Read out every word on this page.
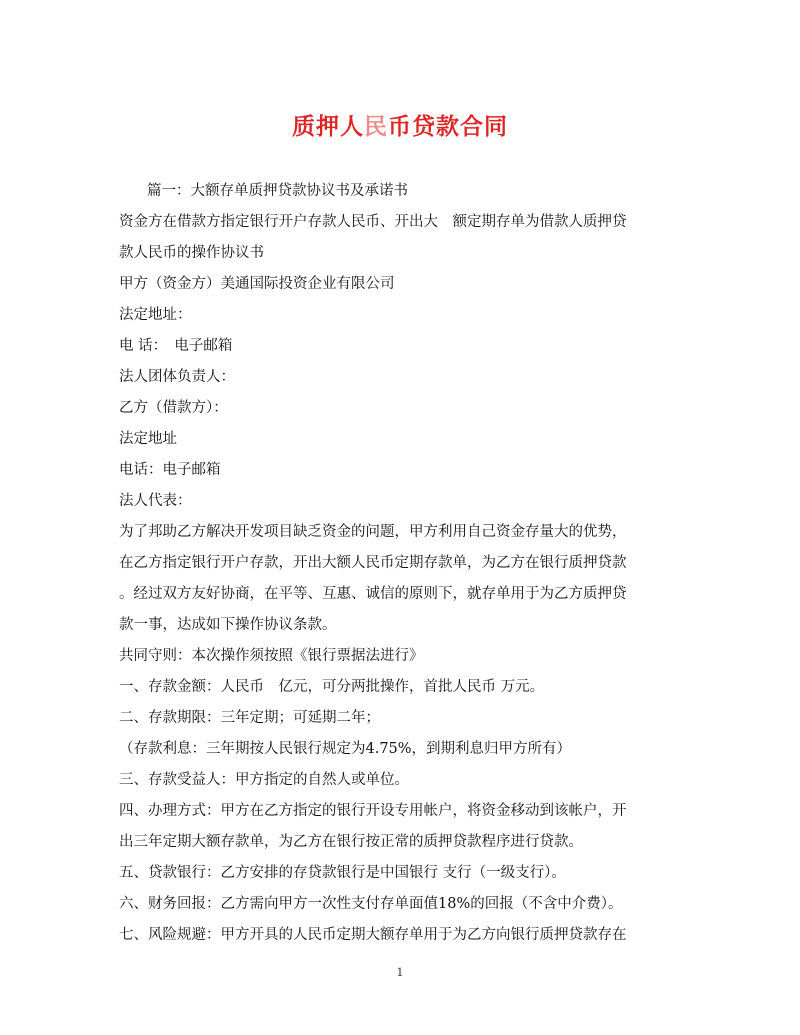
质押人民币贷款合同
篇一：大额存单质押贷款协议书及承诺书
资金方在借款方指定银行开户存款人民币、开出大　额定期存单为借款人质押贷
款人民币的操作协议书
甲方（资金方）美通国际投资企业有限公司
法定地址：
电 话：　电子邮箱
法人团体负责人：
乙方（借款方）：
法定地址
电话：电子邮箱
法人代表：
为了邦助乙方解决开发项目缺乏资金的问题，甲方利用自己资金存量大的优势，
在乙方指定银行开户存款，开出大额人民币定期存款单，为乙方在银行质押贷款
。经过双方友好协商，在平等、互惠、诚信的原则下，就存单用于为乙方质押贷
款一事，达成如下操作协议条款。
共同守则：本次操作须按照《银行票据法进行》
一、存款金额：人民币　亿元，可分两批操作，首批人民币 万元。
二、存款期限：三年定期；可延期二年；
（存款利息：三年期按人民银行规定为4.75%，到期利息归甲方所有）
三、存款受益人：甲方指定的自然人或单位。
四、办理方式：甲方在乙方指定的银行开设专用帐户，将资金移动到该帐户，开
出三年定期大额存款单，为乙方在银行按正常的质押贷款程序进行贷款。
五、贷款银行：乙方安排的存贷款银行是中国银行 支行（一级支行）。
六、财务回报：乙方需向甲方一次性支付存单面值18%的回报（不含中介费）。
七、风险规避：甲方开具的人民币定期大额存单用于为乙方向银行质押贷款存在
1
